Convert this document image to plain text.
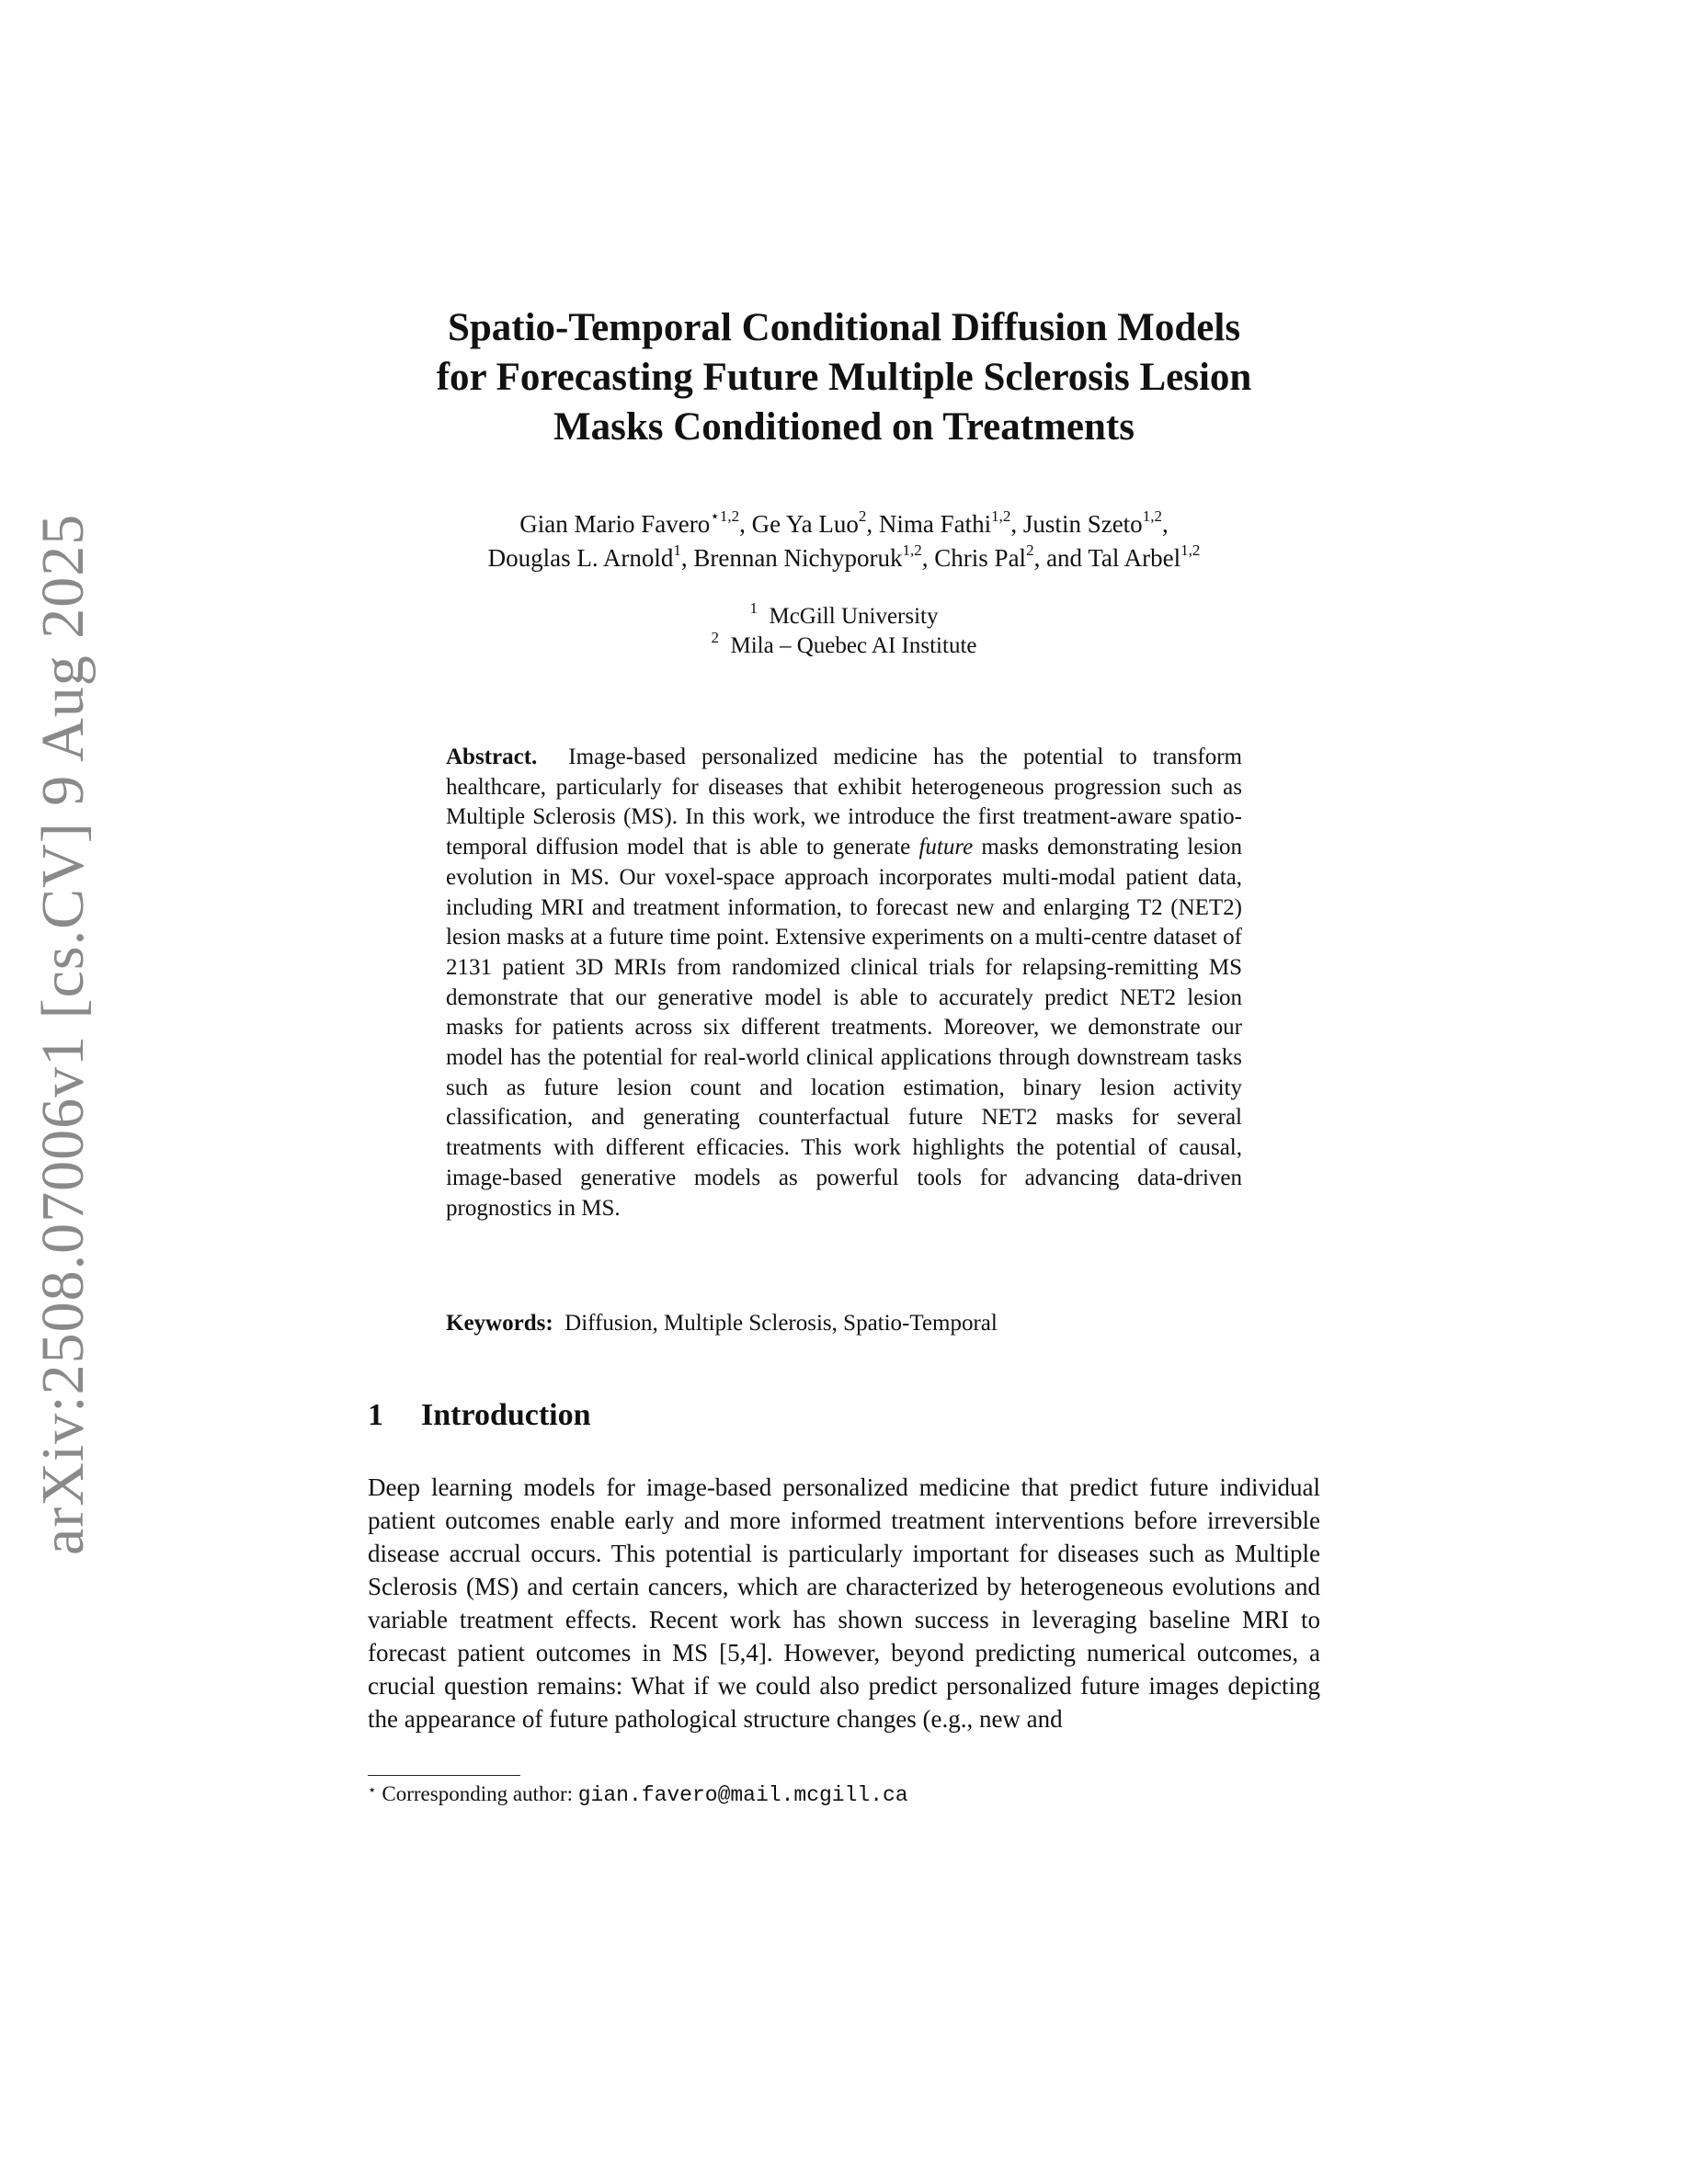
arXiv:2508.07006v1 [cs.CV] 9 Aug 2025
Spatio-Temporal Conditional Diffusion Models
for Forecasting Future Multiple Sclerosis Lesion
Masks Conditioned on Treatments
Gian Mario Favero$^{⋆1,2}$, Ge Ya Luo$^2$, Nima Fathi$^{1,2}$, Justin Szeto$^{1,2}$,
Douglas L. Arnold$^1$, Brennan Nichyporuk$^{1,2}$, Chris Pal$^2$, and Tal Arbel$^{1,2}$
$^1$ McGill University
$^2$ Mila – Quebec AI Institute

Abstract. Image-based personalized medicine has the potential to transform healthcare, particularly for diseases that exhibit heterogeneous progression such as Multiple Sclerosis (MS). In this work, we introduce the first treatment-aware spatio-temporal diffusion model that is able to generate future masks demonstrating lesion evolution in MS. Our voxel-space approach incorporates multi-modal patient data, including MRI and treatment information, to forecast new and enlarging T2 (NET2) lesion masks at a future time point. Extensive experiments on a multi-centre dataset of 2131 patient 3D MRIs from randomized clinical trials for relapsing-remitting MS demonstrate that our generative model is able to accurately predict NET2 lesion masks for patients across six different treatments. Moreover, we demonstrate our model has the potential for real-world clinical applications through downstream tasks such as future lesion count and location estimation, binary lesion activity classification, and generating counterfactual future NET2 masks for several treatments with different efficacies. This work highlights the potential of causal, image-based generative models as powerful tools for advancing data-driven prognostics in MS.

Keywords: Diffusion, Multiple Sclerosis, Spatio-Temporal
1 Introduction

Deep learning models for image-based personalized medicine that predict future individual patient outcomes enable early and more informed treatment interventions before irreversible disease accrual occurs. This potential is particularly important for diseases such as Multiple Sclerosis (MS) and certain cancers, which are characterized by heterogeneous evolutions and variable treatment effects. Recent work has shown success in leveraging baseline MRI to forecast patient outcomes in MS [5,4]. However, beyond predicting numerical outcomes, a crucial question remains: What if we could also predict personalized future images depicting the appearance of future pathological structure changes (e.g., new and

⋆ Corresponding author: gian.favero@mail.mcgill.ca
